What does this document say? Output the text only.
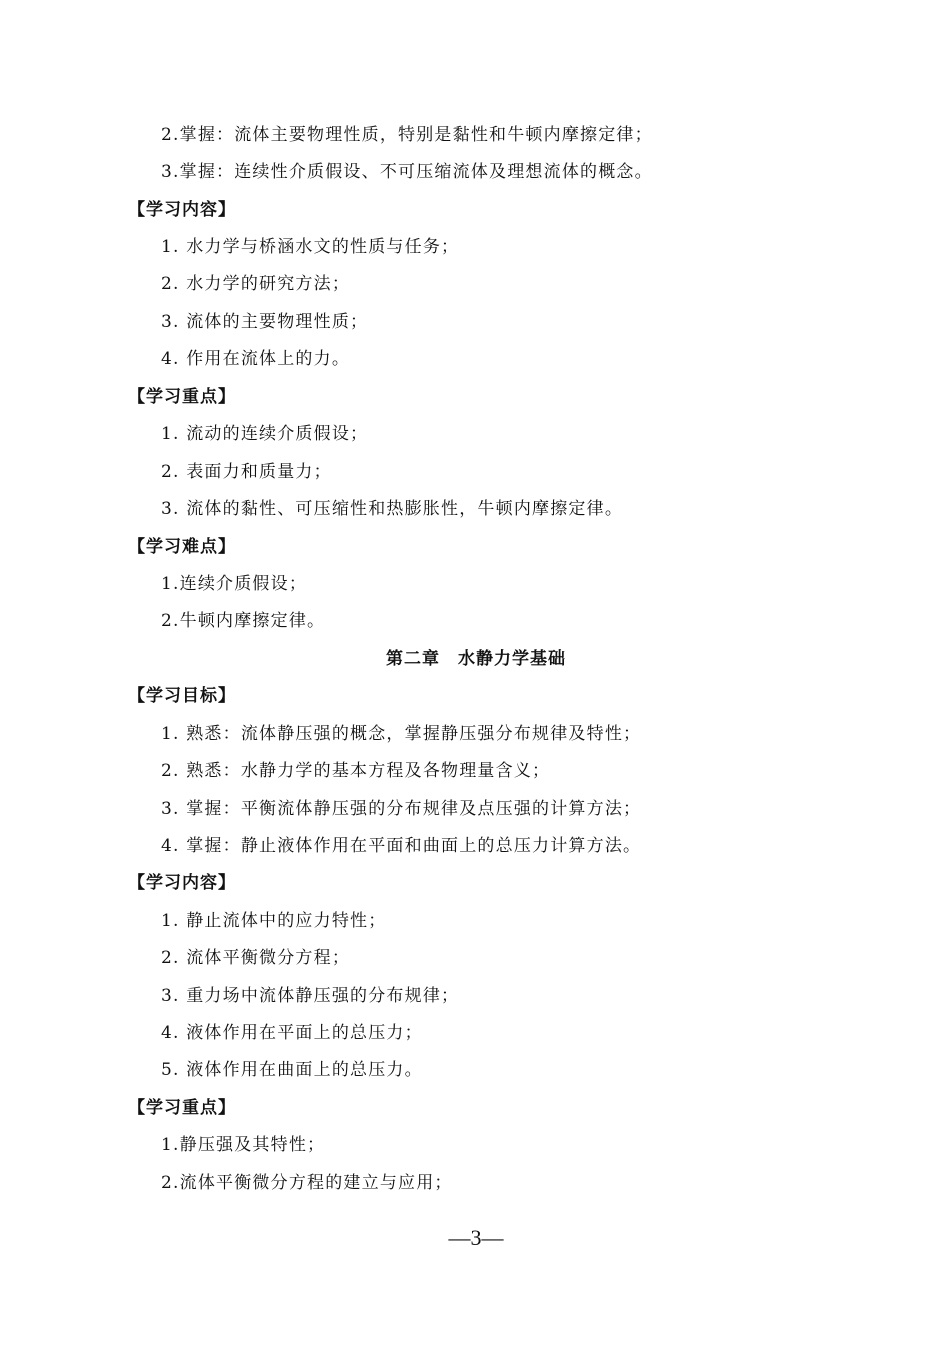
2.掌握：流体主要物理性质，特别是黏性和牛顿内摩擦定律；
3.掌握：连续性介质假设、不可压缩流体及理想流体的概念。
【学习内容】
1. 水力学与桥涵水文的性质与任务；
2. 水力学的研究方法；
3. 流体的主要物理性质；
4. 作用在流体上的力。
【学习重点】
1. 流动的连续介质假设；
2. 表面力和质量力；
3. 流体的黏性、可压缩性和热膨胀性，牛顿内摩擦定律。
【学习难点】
1.连续介质假设；
2.牛顿内摩擦定律。
第二章　水静力学基础
【学习目标】
1. 熟悉：流体静压强的概念，掌握静压强分布规律及特性；
2. 熟悉：水静力学的基本方程及各物理量含义；
3. 掌握：平衡流体静压强的分布规律及点压强的计算方法；
4. 掌握：静止液体作用在平面和曲面上的总压力计算方法。
【学习内容】
1. 静止流体中的应力特性；
2. 流体平衡微分方程；
3. 重力场中流体静压强的分布规律；
4. 液体作用在平面上的总压力；
5. 液体作用在曲面上的总压力。
【学习重点】
1.静压强及其特性；
2.流体平衡微分方程的建立与应用；
—3—
